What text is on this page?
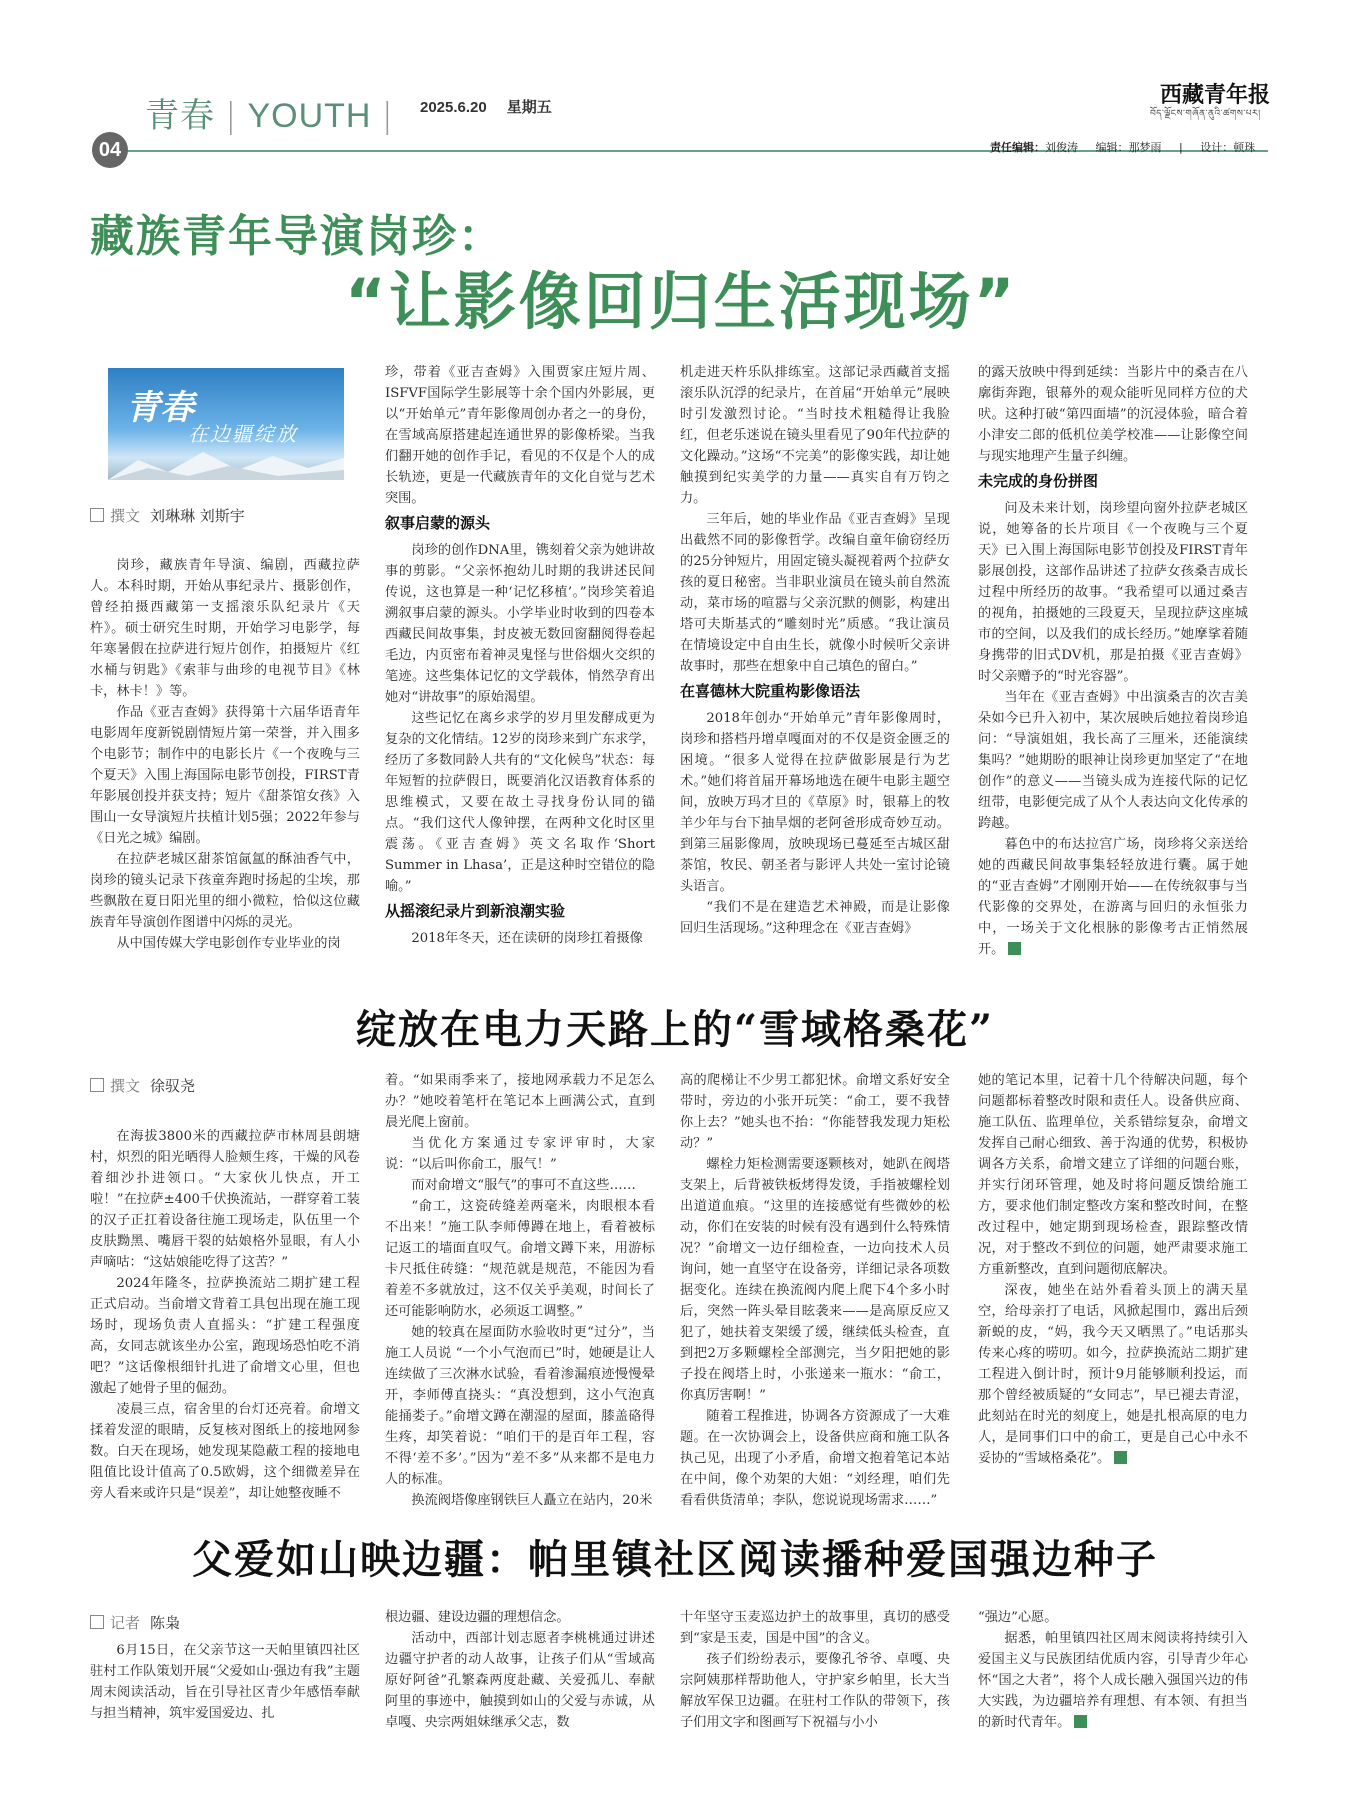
青春 | YOUTH |	2025.6.20 星期五	西藏青年报
བོད་ལྗོངས་གཞོན་ནུའི་ཚགས་པར།
04	责任编辑：刘俊涛 编辑：那梦雨 | 设计：顿珠
藏族青年导演岗珍：
“让影像回归生活现场”
青春
在边疆绽放
撰文 刘琳琳 刘斯宇

岗珍，藏族青年导演、编剧，西藏拉萨人。本科时期，开始从事纪录片、摄影创作，曾经拍摄西藏第一支摇滚乐队纪录片《天杵》。硕士研究生时期，开始学习电影学，每年寒暑假在拉萨进行短片创作，拍摄短片《红水桶与钥匙》《索菲与曲珍的电视节目》《林卡，林卡！》等。

作品《亚吉查姆》获得第十六届华语青年电影周年度新锐剧情短片第一荣誉，并入围多个电影节；制作中的电影长片《一个夜晚与三个夏天》入围上海国际电影节创投，FIRST青年影展创投并获支持；短片《甜茶馆女孩》入围山一女导演短片扶植计划5强；2022年参与《日光之城》编剧。

在拉萨老城区甜茶馆氤氲的酥油香气中，岗珍的镜头记录下孩童奔跑时扬起的尘埃，那些飘散在夏日阳光里的细小微粒，恰似这位藏族青年导演创作图谱中闪烁的灵光。

从中国传媒大学电影创作专业毕业的岗

珍，带着《亚吉查姆》入围贾家庄短片周、ISFVF国际学生影展等十余个国内外影展，更以“开始单元”青年影像周创办者之一的身份，在雪域高原搭建起连通世界的影像桥梁。当我们翻开她的创作手记，看见的不仅是个人的成长轨迹，更是一代藏族青年的文化自觉与艺术突围。

叙事启蒙的源头

岗珍的创作DNA里，镌刻着父亲为她讲故事的剪影。“父亲怀抱幼儿时期的我讲述民间传说，这也算是一种‘记忆移植’。”岗珍笑着追溯叙事启蒙的源头。小学毕业时收到的四卷本西藏民间故事集，封皮被无数回窗翻阅得卷起毛边，内页密布着神灵鬼怪与世俗烟火交织的笔迹。这些集体记忆的文学载体，悄然孕育出她对“讲故事”的原始渴望。

这些记忆在离乡求学的岁月里发酵成更为复杂的文化情结。12岁的岗珍来到广东求学，经历了多数同龄人共有的“文化候鸟”状态：每年短暂的拉萨假日，既要消化汉语教育体系的思维模式，又要在故土寻找身份认同的锚点。“我们这代人像钟摆，在两种文化时区里震荡。《亚吉查姆》英文名取作‘Short Summer in Lhasa’，正是这种时空错位的隐喻。”

从摇滚纪录片到新浪潮实验

2018年冬天，还在读研的岗珍扛着摄像

机走进天杵乐队排练室。这部记录西藏首支摇滚乐队沉浮的纪录片，在首届“开始单元”展映时引发激烈讨论。“当时技术粗糙得让我脸红，但老乐迷说在镜头里看见了90年代拉萨的文化躁动。”这场“不完美”的影像实践，却让她触摸到纪实美学的力量——真实自有万钧之力。

三年后，她的毕业作品《亚吉查姆》呈现出截然不同的影像哲学。改编自童年偷窃经历的25分钟短片，用固定镜头凝视着两个拉萨女孩的夏日秘密。当非职业演员在镜头前自然流动，菜市场的喧嚣与父亲沉默的侧影，构建出塔可夫斯基式的“雕刻时光”质感。“我让演员在情境设定中自由生长，就像小时候听父亲讲故事时，那些在想象中自己填色的留白。”

在喜德林大院重构影像语法

2018年创办“开始单元”青年影像周时，岗珍和搭档丹增卓嘎面对的不仅是资金匮乏的困境。“很多人觉得在拉萨做影展是行为艺术。”她们将首届开幕场地选在硬牛电影主题空间，放映万玛才旦的《草原》时，银幕上的牧羊少年与台下抽旱烟的老阿爸形成奇妙互动。到第三届影像周，放映现场已蔓延至古城区甜茶馆，牧民、朝圣者与影评人共处一室讨论镜头语言。

“我们不是在建造艺术神殿，而是让影像回归生活现场。”这种理念在《亚吉查姆》

的露天放映中得到延续：当影片中的桑吉在八廓街奔跑，银幕外的观众能听见同样方位的犬吠。这种打破“第四面墙”的沉浸体验，暗合着小津安二郎的低机位美学校准——让影像空间与现实地理产生量子纠缠。

未完成的身份拼图

问及未来计划，岗珍望向窗外拉萨老城区说，她筹备的长片项目《一个夜晚与三个夏天》已入围上海国际电影节创投及FIRST青年影展创投，这部作品讲述了拉萨女孩桑吉成长过程中所经历的故事。“我希望可以通过桑吉的视角，拍摄她的三段夏天，呈现拉萨这座城市的空间，以及我们的成长经历。”她摩挲着随身携带的旧式DV机，那是拍摄《亚吉查姆》时父亲赠予的“时光容器”。

当年在《亚吉查姆》中出演桑吉的次吉美朵如今已升入初中，某次展映后她拉着岗珍追问：“导演姐姐，我长高了三厘米，还能演续集吗？”她期盼的眼神让岗珍更加坚定了“在地创作”的意义——当镜头成为连接代际的记忆纽带，电影便完成了从个人表达向文化传承的跨越。

暮色中的布达拉宫广场，岗珍将父亲送给她的西藏民间故事集轻轻放进行囊。属于她的“亚吉查姆”才刚刚开始——在传统叙事与当代影像的交界处，在游离与回归的永恒张力中，一场关于文化根脉的影像考古正悄然展开。

绽放在电力天路上的“雪域格桑花”
撰文 徐驭尧

在海拔3800米的西藏拉萨市林周县朗塘村，炽烈的阳光晒得人脸颊生疼，干燥的风卷着细沙扑进领口。“大家伙儿快点，开工啦！”在拉萨±400千伏换流站，一群穿着工装的汉子正扛着设备往施工现场走，队伍里一个皮肤黝黑、嘴唇干裂的姑娘格外显眼，有人小声嘀咕：“这姑娘能吃得了这苦？”

2024年隆冬，拉萨换流站二期扩建工程正式启动。当俞增文背着工具包出现在施工现场时，现场负责人直摇头：“扩建工程强度高，女同志就该坐办公室，跑现场恐怕吃不消吧？”这话像根细针扎进了俞增文心里，但也激起了她骨子里的倔劲。

凌晨三点，宿舍里的台灯还亮着。俞增文揉着发涩的眼睛，反复核对图纸上的接地网参数。白天在现场，她发现某隐蔽工程的接地电阻值比设计值高了0.5欧姆，这个细微差异在旁人看来或许只是“误差”，却让她整夜睡不

着。“如果雨季来了，接地网承载力不足怎么办？”她咬着笔杆在笔记本上画满公式，直到晨光爬上窗前。

当优化方案通过专家评审时，大家说：“以后叫你俞工，服气！”

而对俞增文“服气”的事可不直这些……

“俞工，这瓷砖缝差两毫米，肉眼根本看不出来！”施工队李师傅蹲在地上，看着被标记返工的墙面直叹气。俞增文蹲下来，用游标卡尺抵住砖缝：“规范就是规范，不能因为看着差不多就放过，这不仅关乎美观，时间长了还可能影响防水，必须返工调整。”

她的较真在屋面防水验收时更“过分”，当施工人员说 “一个小气泡而已”时，她硬是让人连续做了三次淋水试验，看着渗漏痕迹慢慢晕开，李师傅直挠头：“真没想到，这小气泡真能捅娄子。”俞增文蹲在潮湿的屋面，膝盖硌得生疼，却笑着说：“咱们干的是百年工程，容不得‘差不多’。”因为“差不多”从来都不是电力人的标准。

换流阀塔像座钢铁巨人矗立在站内，20米

高的爬梯让不少男工都犯怵。俞增文系好安全带时，旁边的小张开玩笑：“俞工，要不我替你上去？”她头也不抬：“你能替我发现力矩松动？”

螺栓力矩检测需要逐颗核对，她趴在阀塔支架上，后背被铁板烤得发烫，手指被螺栓划出道道血痕。“这里的连接感觉有些微妙的松动，你们在安装的时候有没有遇到什么特殊情况？”俞增文一边仔细检查，一边向技术人员询问，她一直坚守在设备旁，详细记录各项数据变化。连续在换流阀内爬上爬下4个多小时后，突然一阵头晕目眩袭来——是高原反应又犯了，她扶着支架缓了缓，继续低头检查，直到把2万多颗螺栓全部测完，当夕阳把她的影子投在阀塔上时，小张递来一瓶水：“俞工，你真厉害啊！”

随着工程推进，协调各方资源成了一大难题。在一次协调会上，设备供应商和施工队各执己见，出现了小矛盾，俞增文抱着笔记本站在中间，像个劝架的大姐：“刘经理，咱们先看看供货清单；李队，您说说现场需求……”

她的笔记本里，记着十几个待解决问题，每个问题都标着整改时限和责任人。设备供应商、施工队伍、监理单位，关系错综复杂，俞增文发挥自己耐心细致、善于沟通的优势，积极协调各方关系，俞增文建立了详细的问题台账，并实行闭环管理，她及时将问题反馈给施工方，要求他们制定整改方案和整改时间，在整改过程中，她定期到现场检查，跟踪整改情况，对于整改不到位的问题，她严肃要求施工方重新整改，直到问题彻底解决。

深夜，她坐在站外看着头顶上的满天星空，给母亲打了电话，风掀起围巾，露出后颈新蜕的皮，“妈，我今天又晒黑了。”电话那头传来心疼的唠叨。如今，拉萨换流站二期扩建工程进入倒计时，预计9月能够顺利投运，而那个曾经被质疑的“女同志”，早已褪去青涩，此刻站在时光的刻度上，她是扎根高原的电力人，是同事们口中的俞工，更是自己心中永不妥协的“雪域格桑花”。

父爱如山映边疆：帕里镇社区阅读播种爱国强边种子
记者 陈枭

6月15日，在父亲节这一天帕里镇四社区驻村工作队策划开展“父爱如山·强边有我”主题周末阅读活动，旨在引导社区青少年感悟奉献与担当精神，筑牢爱国爱边、扎

根边疆、建设边疆的理想信念。

活动中，西部计划志愿者李桃桃通过讲述边疆守护者的动人故事，让孩子们从“雪域高原好阿爸”孔繁森两度赴藏、关爱孤儿、奉献阿里的事迹中，触摸到如山的父爱与赤诚，从卓嘎、央宗两姐妹继承父志，数

十年坚守玉麦巡边护土的故事里，真切的感受到“家是玉麦，国是中国”的含义。

孩子们纷纷表示，要像孔爷爷、卓嘎、央宗阿姨那样帮助他人，守护家乡帕里，长大当解放军保卫边疆。在驻村工作队的带领下，孩子们用文字和图画写下祝福与小小

“强边”心愿。

据悉，帕里镇四社区周末阅读将持续引入爱国主义与民族团结优质内容，引导青少年心怀“国之大者”，将个人成长融入强国兴边的伟大实践，为边疆培养有理想、有本领、有担当的新时代青年。
